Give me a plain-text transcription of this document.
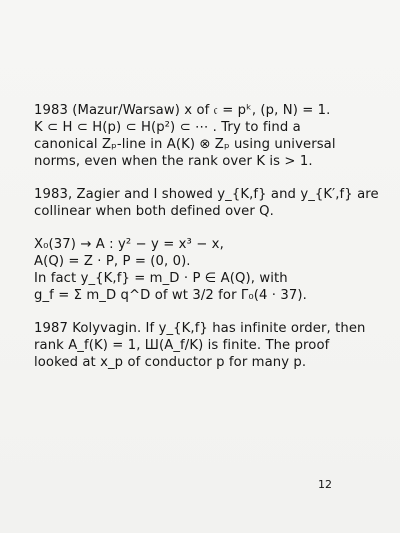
1983 (Mazur/Warsaw) x of 𝔠 = pᵏ, (p, N) = 1.
K ⊂ H ⊂ H(p) ⊂ H(p²) ⊂ ⋯ . Try to find a
canonical Zₚ-line in A(K) ⊗ Zₚ using universal
norms, even when the rank over K is > 1.
1983, Zagier and I showed y_{K,f} and y_{K′,f} are
collinear when both defined over Q.
X₀(37) → A : y² − y = x³ − x,
A(Q) = Z · P, P = (0, 0).
In fact y_{K,f} = m_D · P ∈ A(Q), with
g_f = Σ m_D q^D of wt 3/2 for Γ₀(4 · 37).
1987 Kolyvagin. If y_{K,f} has infinite order, then
rank A_f(K) = 1, Ш(A_f/K) is finite. The proof
looked at x_p of conductor p for many p.
12
